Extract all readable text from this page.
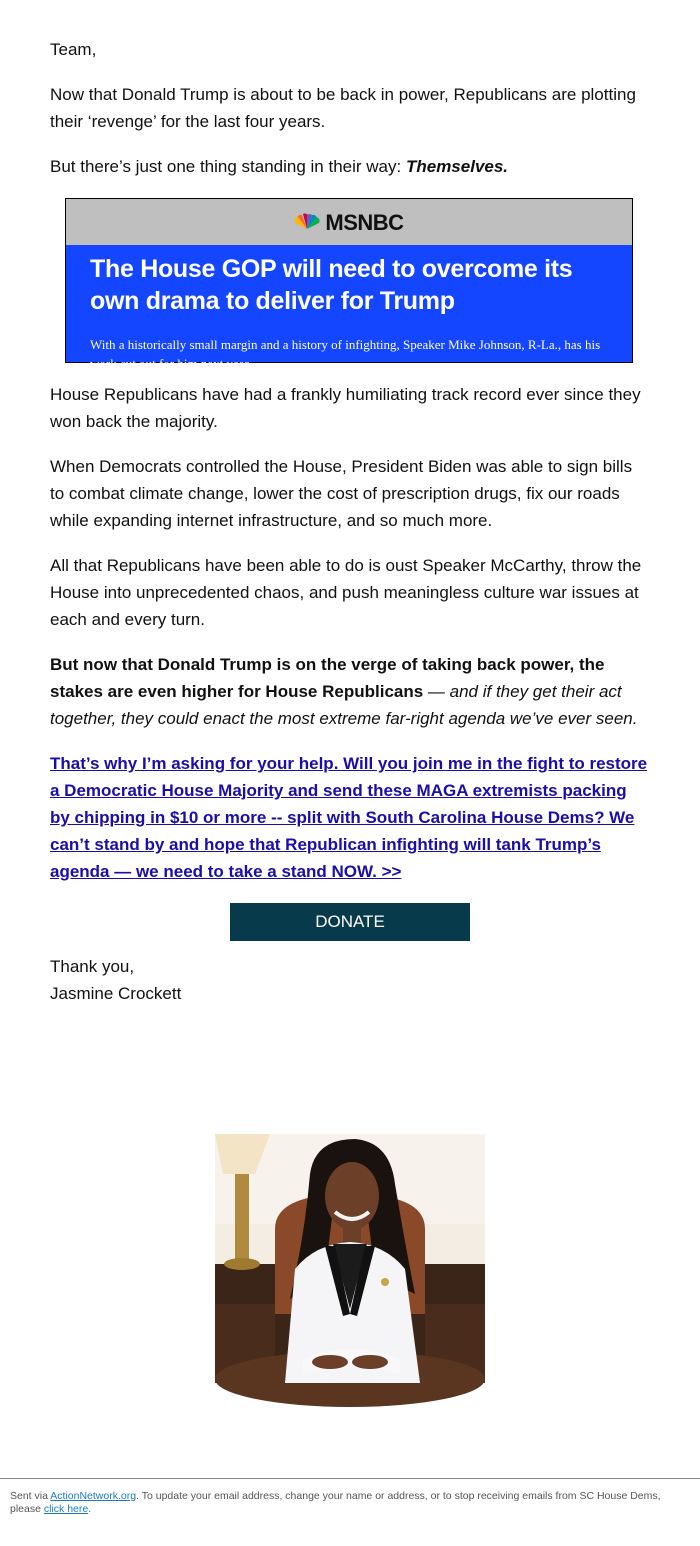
Team,

Now that Donald Trump is about to be back in power, Republicans are plotting their ‘revenge’ for the last four years.

But there’s just one thing standing in their way: Themselves.

MSNBC

The House GOP will need to overcome its own drama to deliver for Trump

With a historically small margin and a history of infighting, Speaker Mike Johnson, R-La., has his work cut out for him next year.

House Republicans have had a frankly humiliating track record ever since they won back the majority.

When Democrats controlled the House, President Biden was able to sign bills to combat climate change, lower the cost of prescription drugs, fix our roads while expanding internet infrastructure, and so much more.

All that Republicans have been able to do is oust Speaker McCarthy, throw the House into unprecedented chaos, and push meaningless culture war issues at each and every turn.

But now that Donald Trump is on the verge of taking back power, the stakes are even higher for House Republicans — and if they get their act together, they could enact the most extreme far-right agenda we’ve ever seen.

That’s why I’m asking for your help. Will you join me in the fight to restore a Democratic House Majority and send these MAGA extremists packing by chipping in $10 or more -- split with South Carolina House Dems? We can’t stand by and hope that Republican infighting will tank Trump’s agenda — we need to take a stand NOW. >>

DONATE

Thank you,
Jasmine Crockett

Sent via ActionNetwork.org. To update your email address, change your name or address, or to stop receiving emails from SC House Dems, please click here.
